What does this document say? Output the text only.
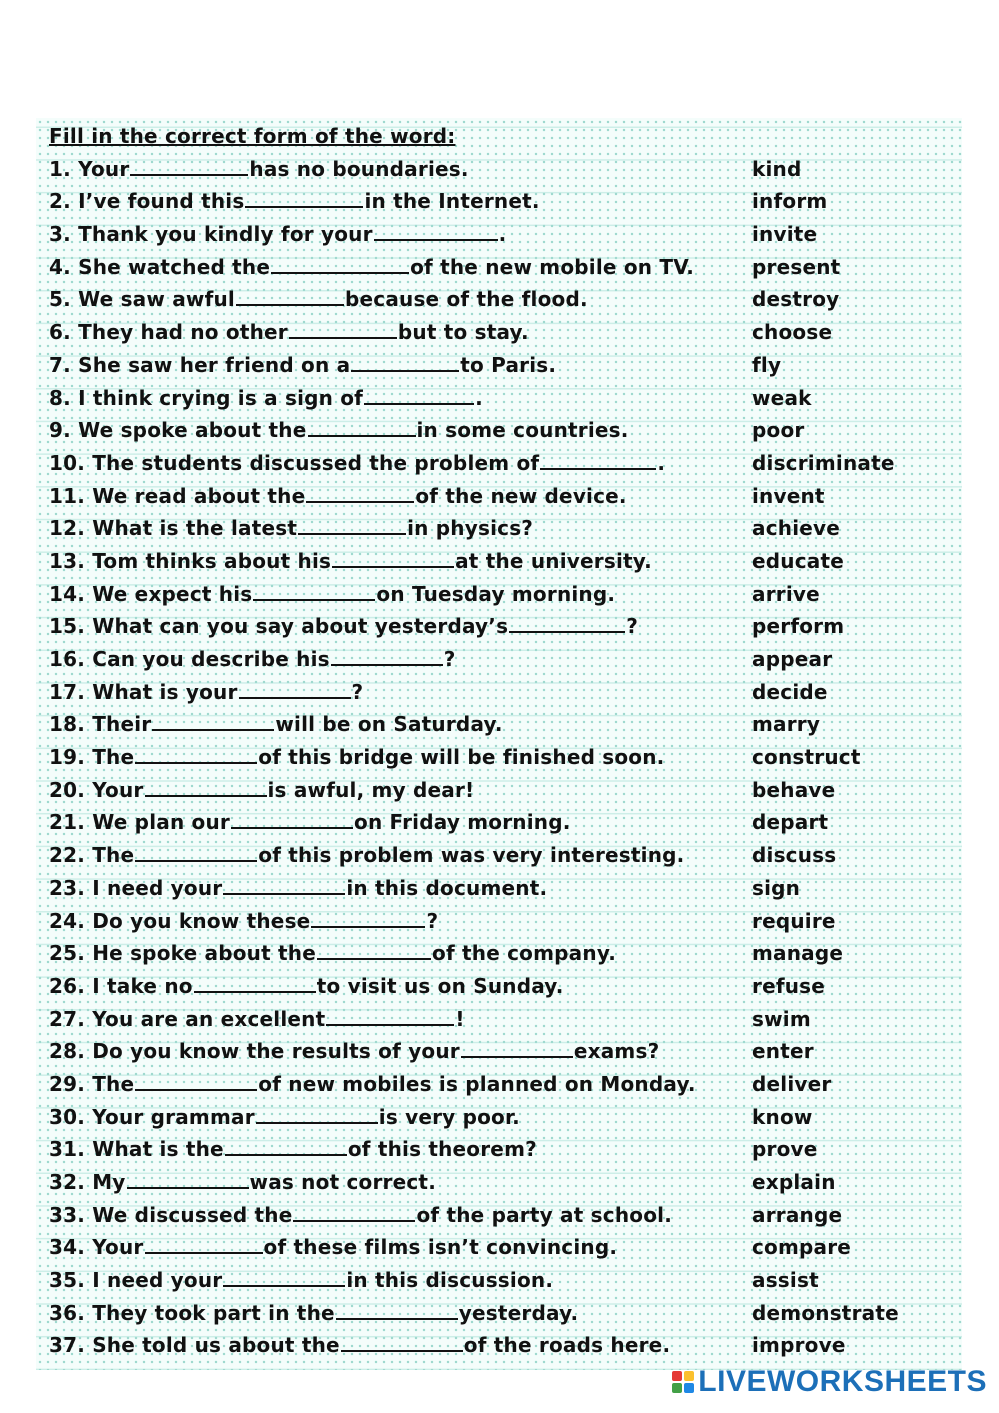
Fill in the correct form of the word:
1. Your	has no boundaries.	kind
2. I’ve found this	in the Internet.	inform
3. Thank you kindly for your	.	invite
4. She watched the	of the new mobile on TV.	present
5. We saw awful	because of the flood.	destroy
6. They had no other	but to stay.	choose
7. She saw her friend on a	to Paris.	fly
8. I think crying is a sign of	.	weak
9. We spoke about the	in some countries.	poor
10. The students discussed the problem of	.	discriminate
11. We read about the	of the new device.	invent
12. What is the latest	in physics?	achieve
13. Tom thinks about his	at the university.	educate
14. We expect his	on Tuesday morning.	arrive
15. What can you say about yesterday’s	?	perform
16. Can you describe his	?	appear
17. What is your	?	decide
18. Their	will be on Saturday.	marry
19. The	of this bridge will be finished soon.	construct
20. Your	is awful, my dear!	behave
21. We plan our	on Friday morning.	depart
22. The	of this problem was very interesting.	discuss
23. I need your	in this document.	sign
24. Do you know these	?	require
25. He spoke about the	of the company.	manage
26. I take no	to visit us on Sunday.	refuse
27. You are an excellent	!	swim
28. Do you know the results of your	exams?	enter
29. The	of new mobiles is planned on Monday.	deliver
30. Your grammar	is very poor.	know
31. What is the	of this theorem?	prove
32. My	was not correct.	explain
33. We discussed the	of the party at school.	arrange
34. Your	of these films isn’t convincing.	compare
35. I need your	in this discussion.	assist
36. They took part in the	yesterday.	demonstrate
37. She told us about the	of the roads here.	improve
LIVEWORKSHEETS
